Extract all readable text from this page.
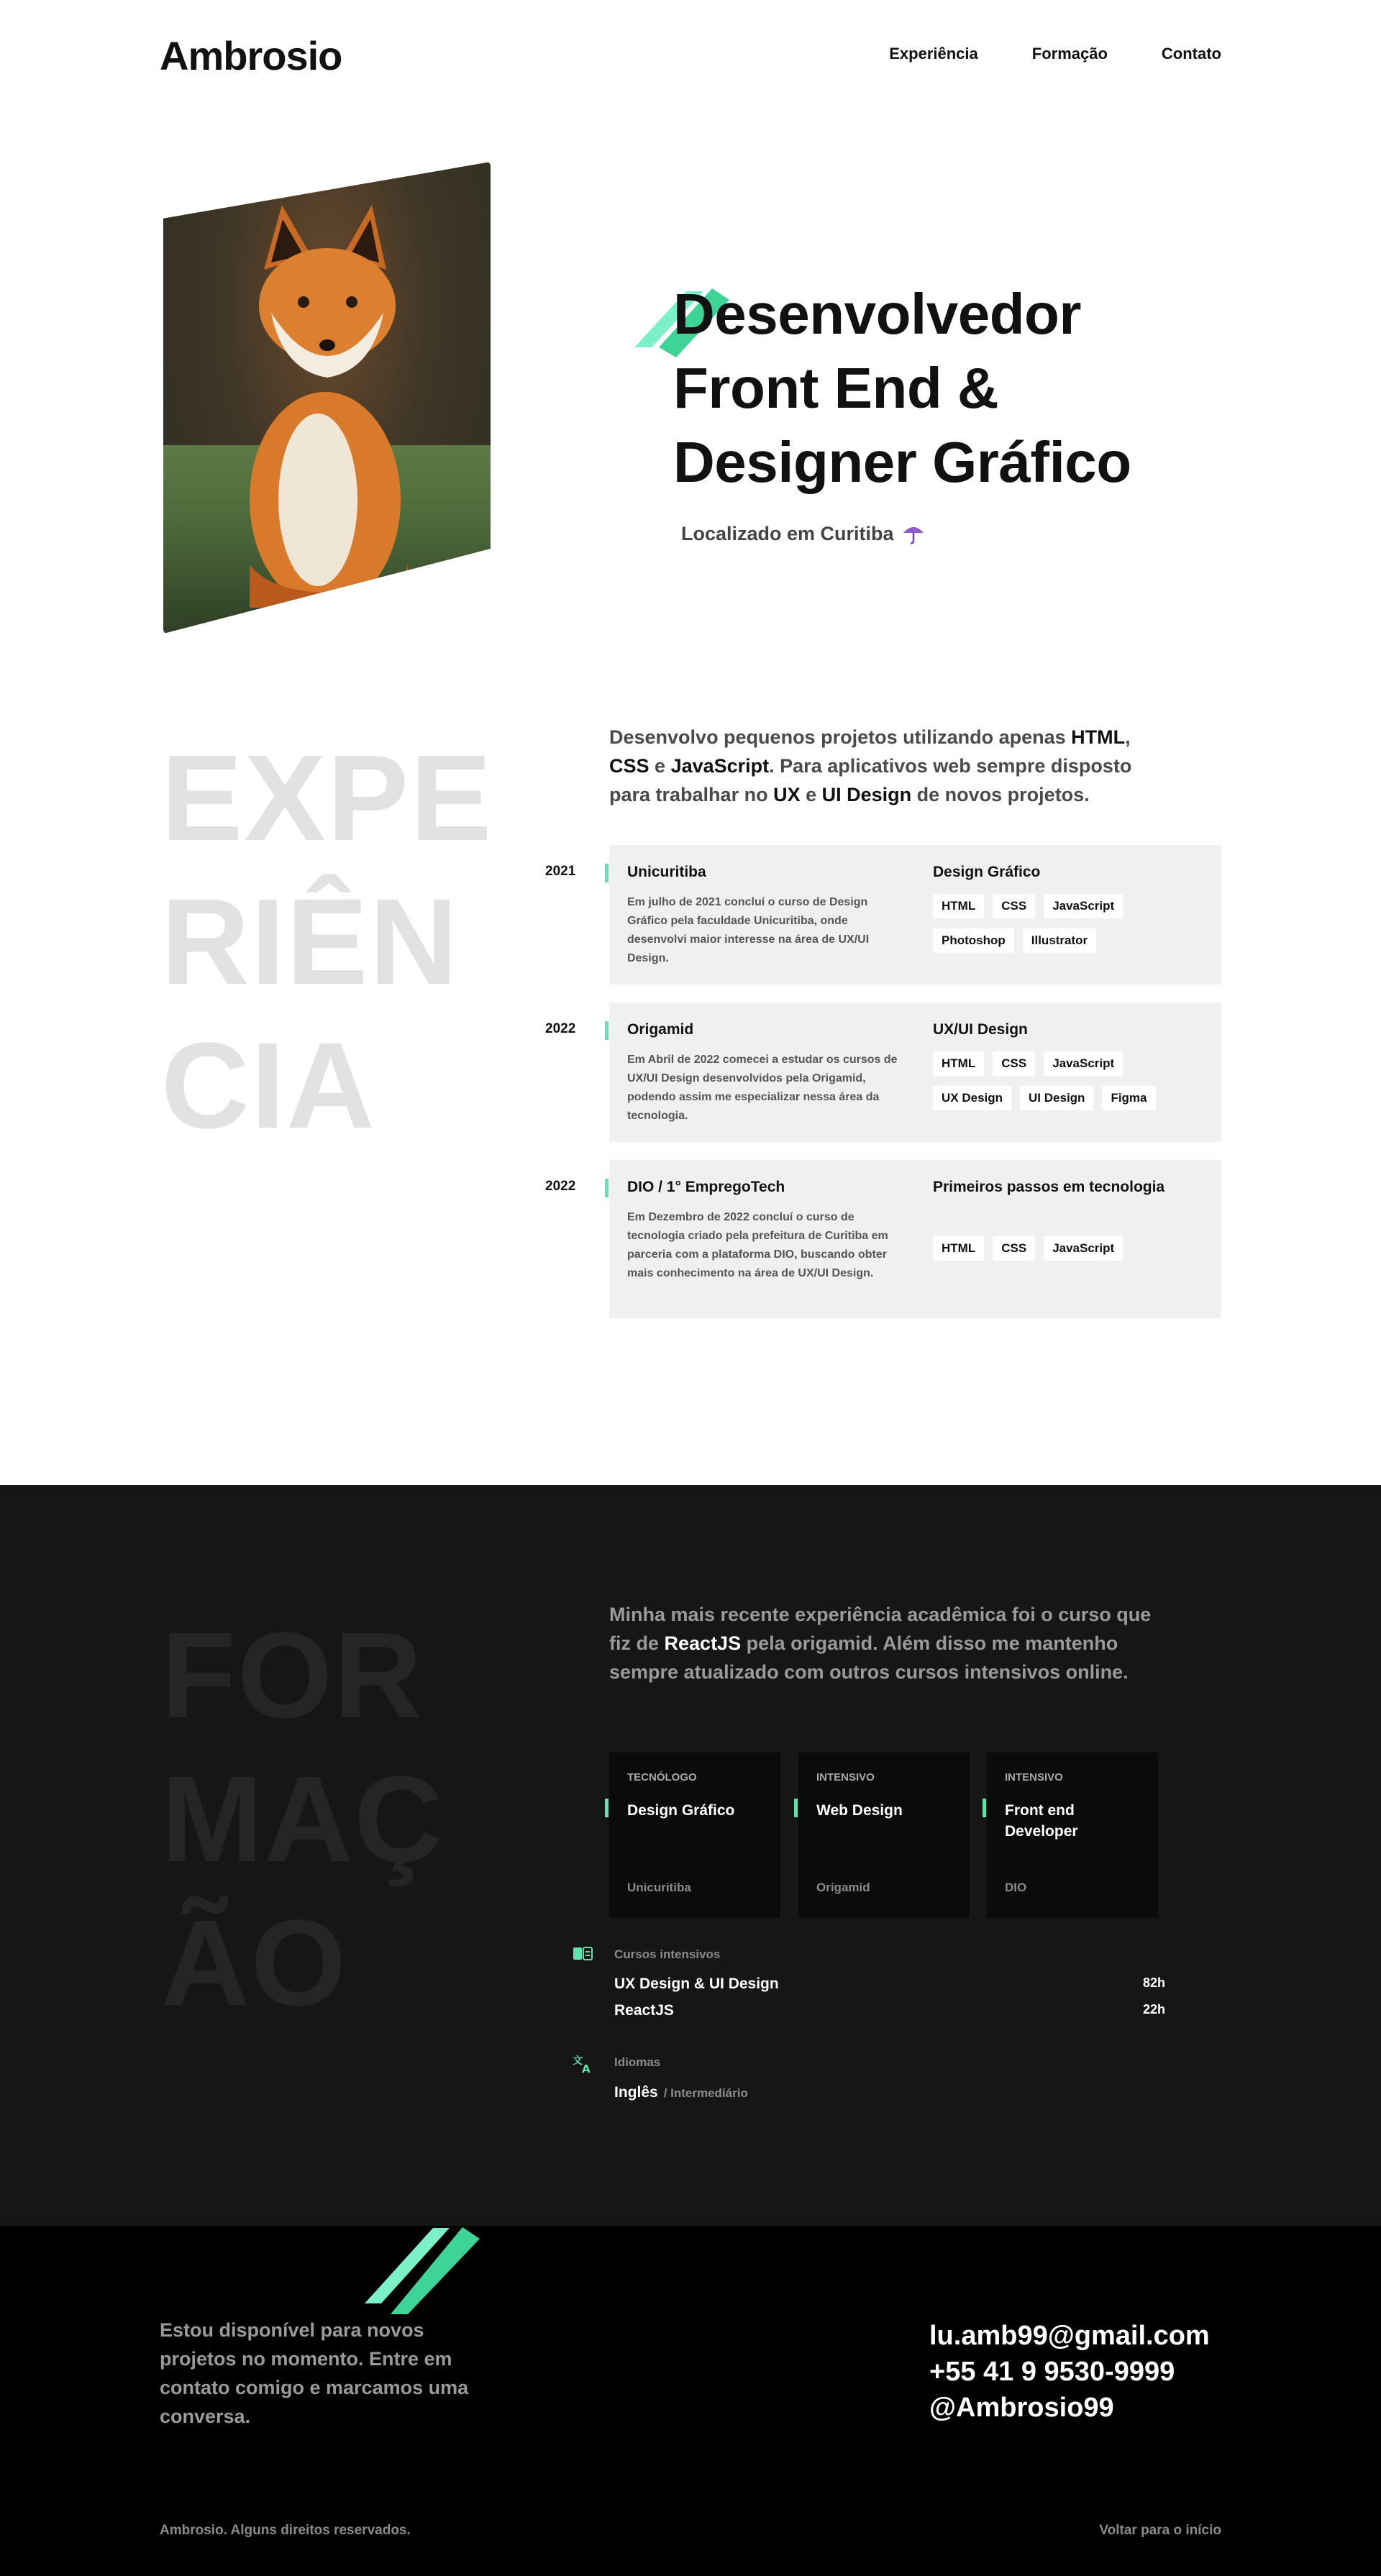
Ambrosio	Experiência	Formação	Contato
Desenvolvedor
Front End &
Designer Gráfico
Localizado em Curitiba
EXPE
RIÊN
CIA

Desenvolvo pequenos projetos utilizando apenas HTML, CSS e JavaScript. Para aplicativos web sempre disposto para trabalhar no UX e UI Design de novos projetos.

2021	Unicuritiba
Em julho de 2021 concluí o curso de Design Gráfico pela faculdade Unicuritiba, onde desenvolvi maior interesse na área de UX/UI Design.
Design Gráfico
HTML	CSS	JavaScript
Photoshop	Illustrator
2022	Origamid
Em Abril de 2022 comecei a estudar os cursos de UX/UI Design desenvolvidos pela Origamid, podendo assim me especializar nessa área da tecnologia.
UX/UI Design
HTML	CSS	JavaScript
UX Design	UI Design	Figma
2022	DIO / 1° EmpregoTech
Em Dezembro de 2022 concluí o curso de tecnologia criado pela prefeitura de Curitiba em parceria com a plataforma DIO, buscando obter mais conhecimento na área de UX/UI Design.
Primeiros passos em tecnologia
HTML	CSS	JavaScript
FOR
MAÇ
ÃO

Minha mais recente experiência acadêmica foi o curso que fiz de ReactJS pela origamid. Além disso me mantenho sempre atualizado com outros cursos intensivos online.

TECNÓLOGO
Design Gráfico
Unicuritiba
INTENSIVO
Web Design
Origamid
INTENSIVO
Front end Developer
DIO
Cursos intensivos
UX Design & UI Design	82h
ReactJS	22h
文
A Idiomas
Inglês / Intermediário

Estou disponível para novos projetos no momento. Entre em contato comigo e marcamos uma conversa.

lu.amb99@gmail.com
+55 41 9 9530-9999
@Ambrosio99
Ambrosio. Alguns direitos reservados.	Voltar para o início
